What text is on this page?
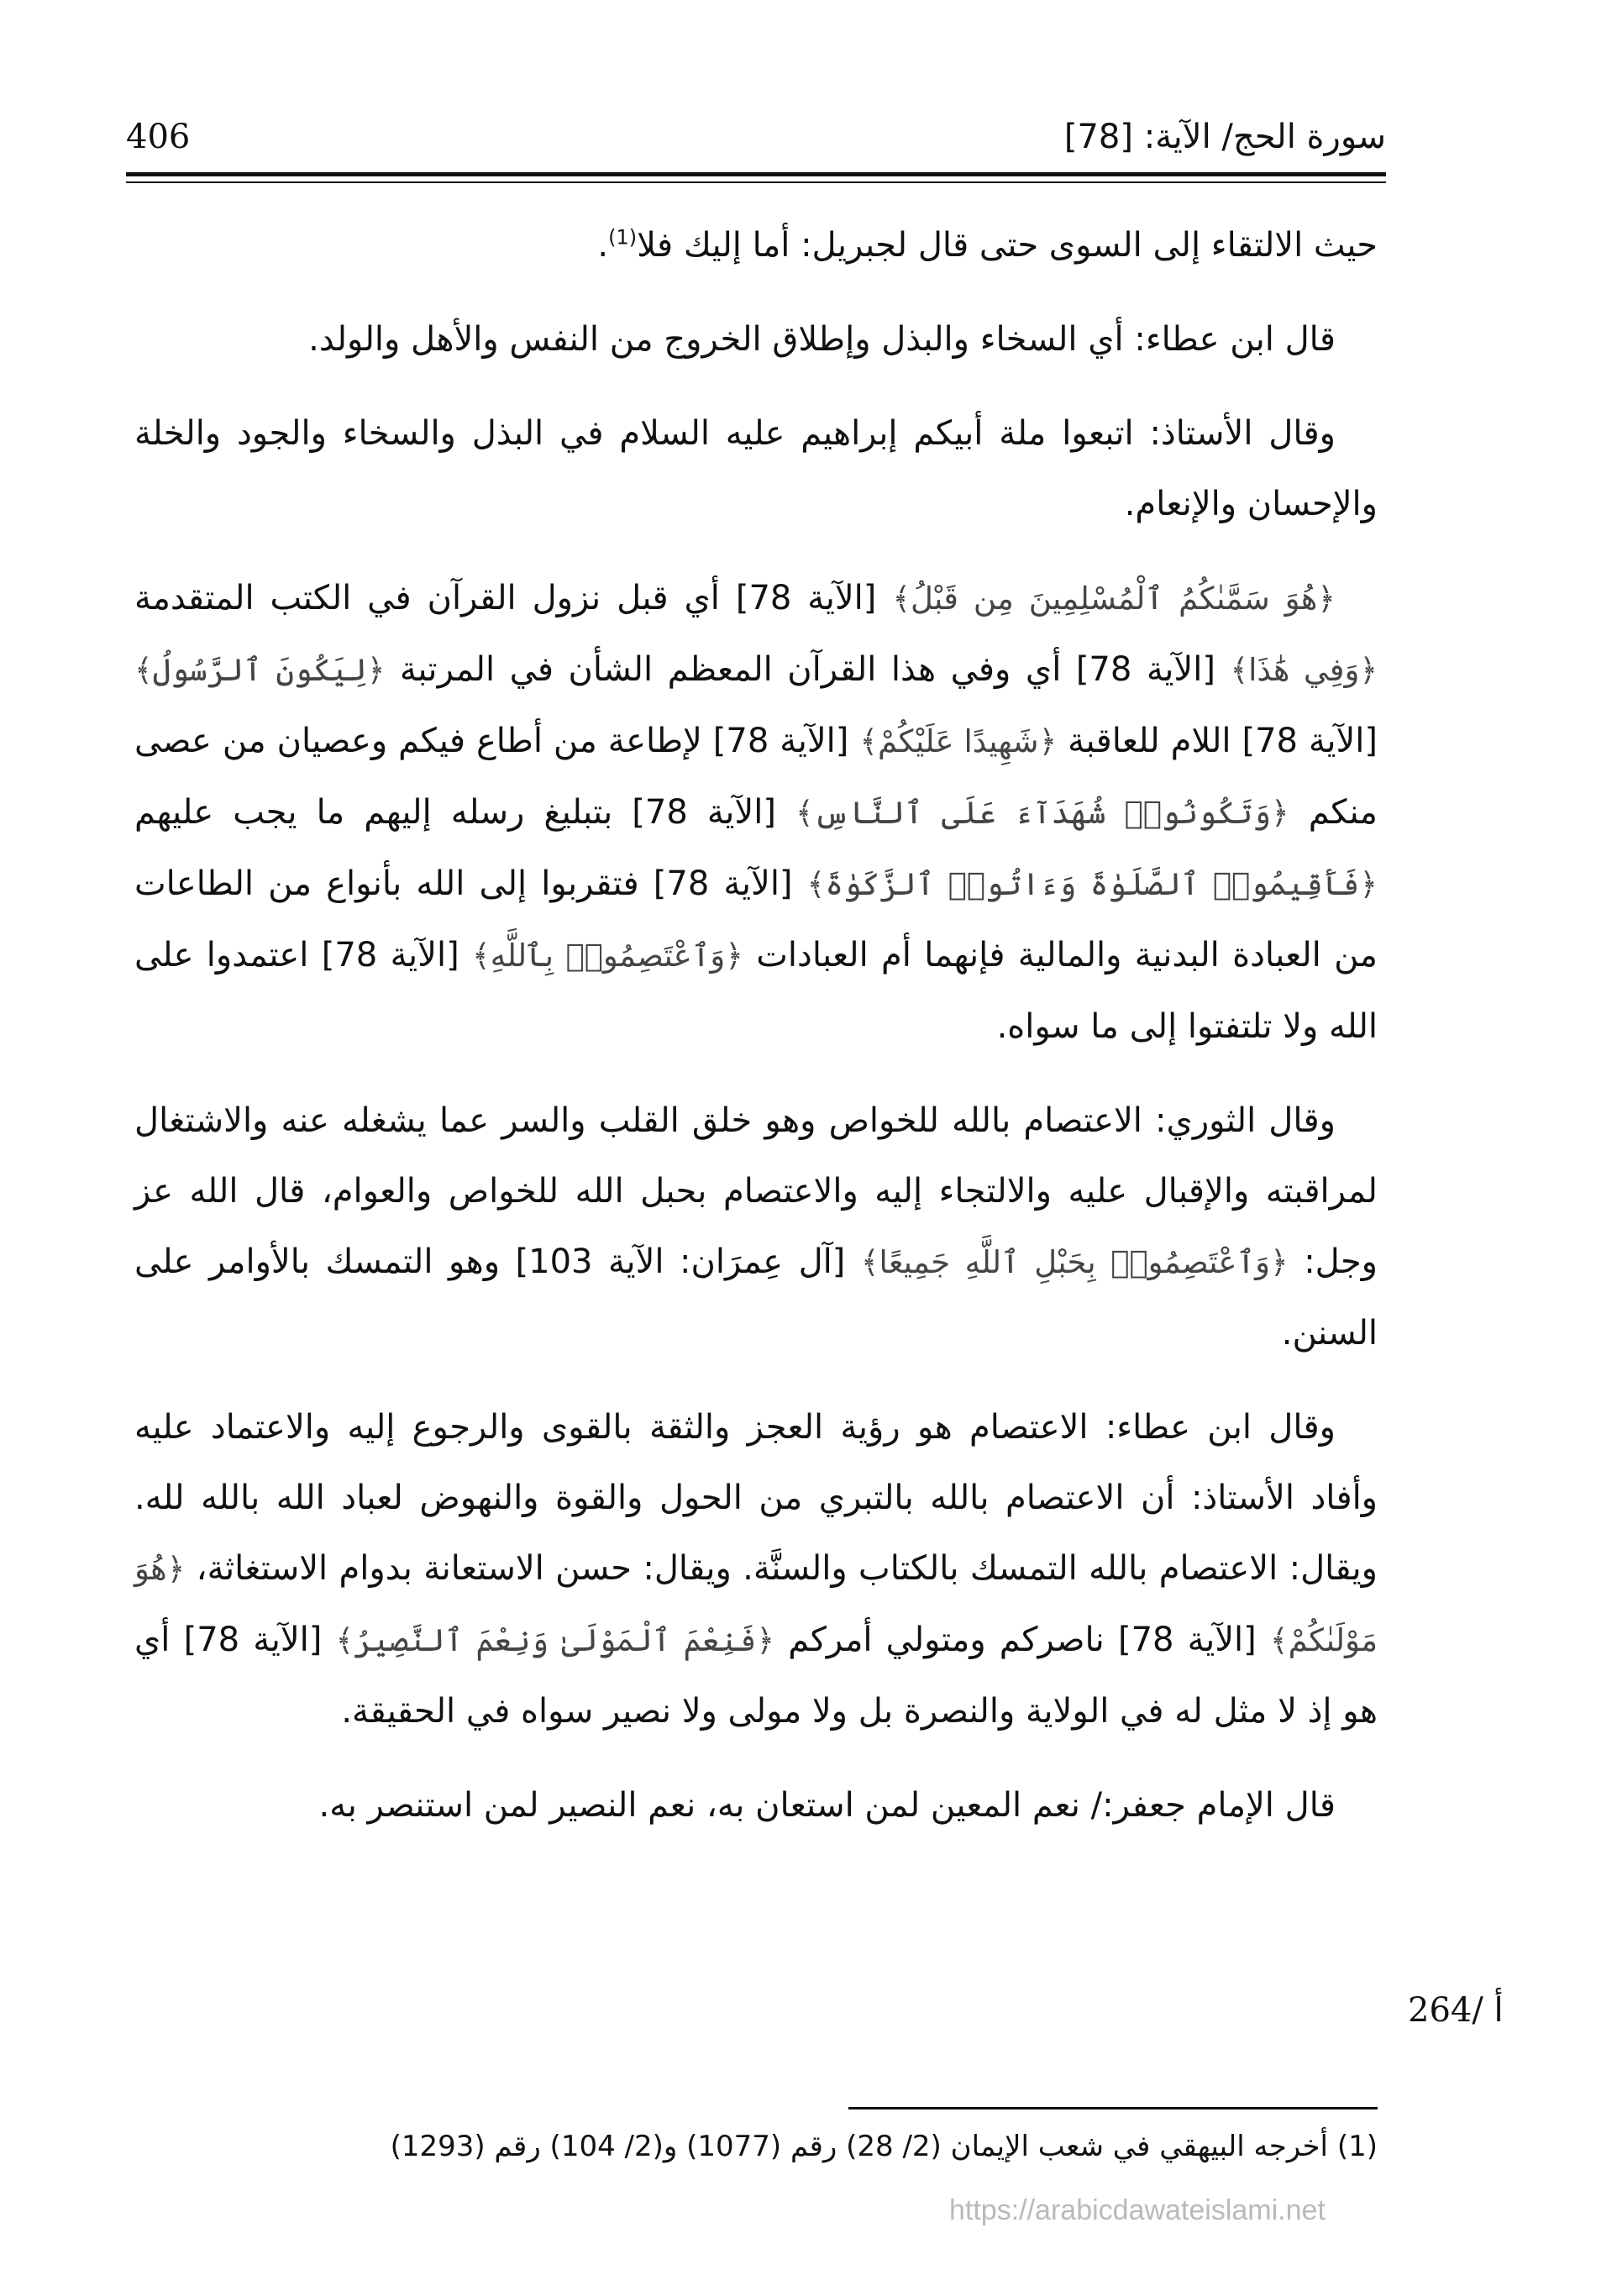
406	سورة الحج/ الآية: [78]

حيث الالتقاء إلى السوى حتى قال لجبريل: أما إليك فلا$^{(1)}$.

قال ابن عطاء: أي السخاء والبذل وإطلاق الخروج من النفس والأهل والولد.

وقال الأستاذ: اتبعوا ملة أبيكم إبراهيم عليه السلام في البذل والسخاء والجود والخلة والإحسان والإنعام.

﴿هُوَ سَمَّىٰكُمُ ٱلْمُسْلِمِينَ مِن قَبْلُ﴾ [الآية 78] أي قبل نزول القرآن في الكتب المتقدمة ﴿وَفِي هَٰذَا﴾ [الآية 78] أي وفي هذا القرآن المعظم الشأن في المرتبة ﴿لِيَكُونَ ٱلرَّسُولُ﴾ [الآية 78] اللام للعاقبة ﴿شَهِيدًا عَلَيْكُمْ﴾ [الآية 78] لإطاعة من أطاع فيكم وعصيان من عصى منكم ﴿وَتَكُونُوا۟ شُهَدَآءَ عَلَى ٱلنَّاسِ﴾ [الآية 78] بتبليغ رسله إليهم ما يجب عليهم ﴿فَأَقِيمُوا۟ ٱلصَّلَوٰةَ وَءَاتُوا۟ ٱلزَّكَوٰةَ﴾ [الآية 78] فتقربوا إلى الله بأنواع من الطاعات من العبادة البدنية والمالية فإنهما أم العبادات ﴿وَٱعْتَصِمُوا۟ بِٱللَّهِ﴾ [الآية 78] اعتمدوا على الله ولا تلتفتوا إلى ما سواه.

وقال الثوري: الاعتصام بالله للخواص وهو خلق القلب والسر عما يشغله عنه والاشتغال لمراقبته والإقبال عليه والالتجاء إليه والاعتصام بحبل الله للخواص والعوام، قال الله عز وجل: ﴿وَٱعْتَصِمُوا۟ بِحَبْلِ ٱللَّهِ جَمِيعًا﴾ [آل عِمرَان: الآية 103] وهو التمسك بالأوامر على السنن.

وقال ابن عطاء: الاعتصام هو رؤية العجز والثقة بالقوى والرجوع إليه والاعتماد عليه وأفاد الأستاذ: أن الاعتصام بالله بالتبري من الحول والقوة والنهوض لعباد الله بالله لله. ويقال: الاعتصام بالله التمسك بالكتاب والسنَّة. ويقال: حسن الاستعانة بدوام الاستغاثة، ﴿هُوَ مَوْلَىٰكُمْ﴾ [الآية 78] ناصركم ومتولي أمركم ﴿فَنِعْمَ ٱلْمَوْلَىٰ وَنِعْمَ ٱلنَّصِيرُ﴾ [الآية 78] أي هو إذ لا مثل له في الولاية والنصرة بل ولا مولى ولا نصير سواه في الحقيقة.

قال الإمام جعفر:/ نعم المعين لمن استعان به، نعم النصير لمن استنصر به.

264/ أ
(1) أخرجه البيهقي في شعب الإيمان (2/ 28) رقم (1077) و(2/ 104) رقم (1293)
https://arabicdawateislami.net
